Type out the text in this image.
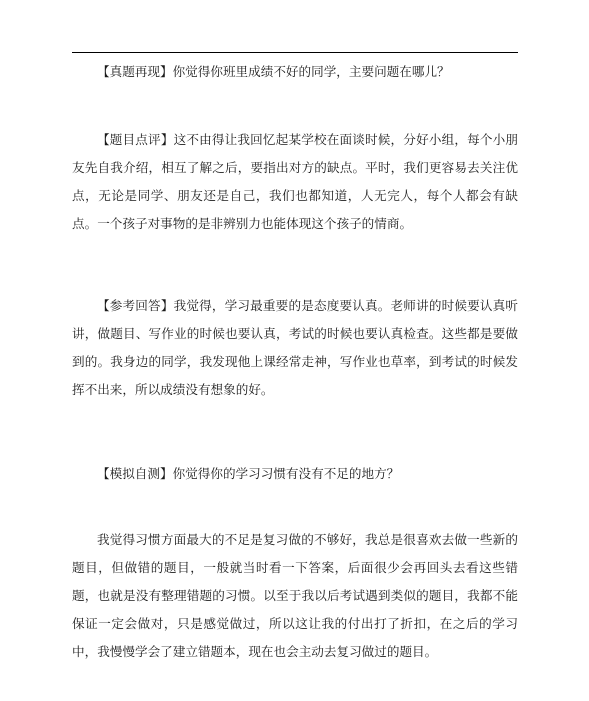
【真题再现】你觉得你班里成绩不好的同学，主要问题在哪儿？

【题目点评】这不由得让我回忆起某学校在面谈时候，分好小组，每个小朋友先自我介绍，相互了解之后，要指出对方的缺点。平时，我们更容易去关注优点，无论是同学、朋友还是自己，我们也都知道，人无完人，每个人都会有缺点。一个孩子对事物的是非辨别力也能体现这个孩子的情商。

【参考回答】我觉得，学习最重要的是态度要认真。老师讲的时候要认真听讲，做题目、写作业的时候也要认真，考试的时候也要认真检查。这些都是要做到的。我身边的同学，我发现他上课经常走神，写作业也草率，到考试的时候发挥不出来，所以成绩没有想象的好。

【模拟自测】你觉得你的学习习惯有没有不足的地方？

我觉得习惯方面最大的不足是复习做的不够好，我总是很喜欢去做一些新的题目，但做错的题目，一般就当时看一下答案，后面很少会再回头去看这些错题，也就是没有整理错题的习惯。以至于我以后考试遇到类似的题目，我都不能保证一定会做对，只是感觉做过，所以这让我的付出打了折扣，在之后的学习中，我慢慢学会了建立错题本，现在也会主动去复习做过的题目。
